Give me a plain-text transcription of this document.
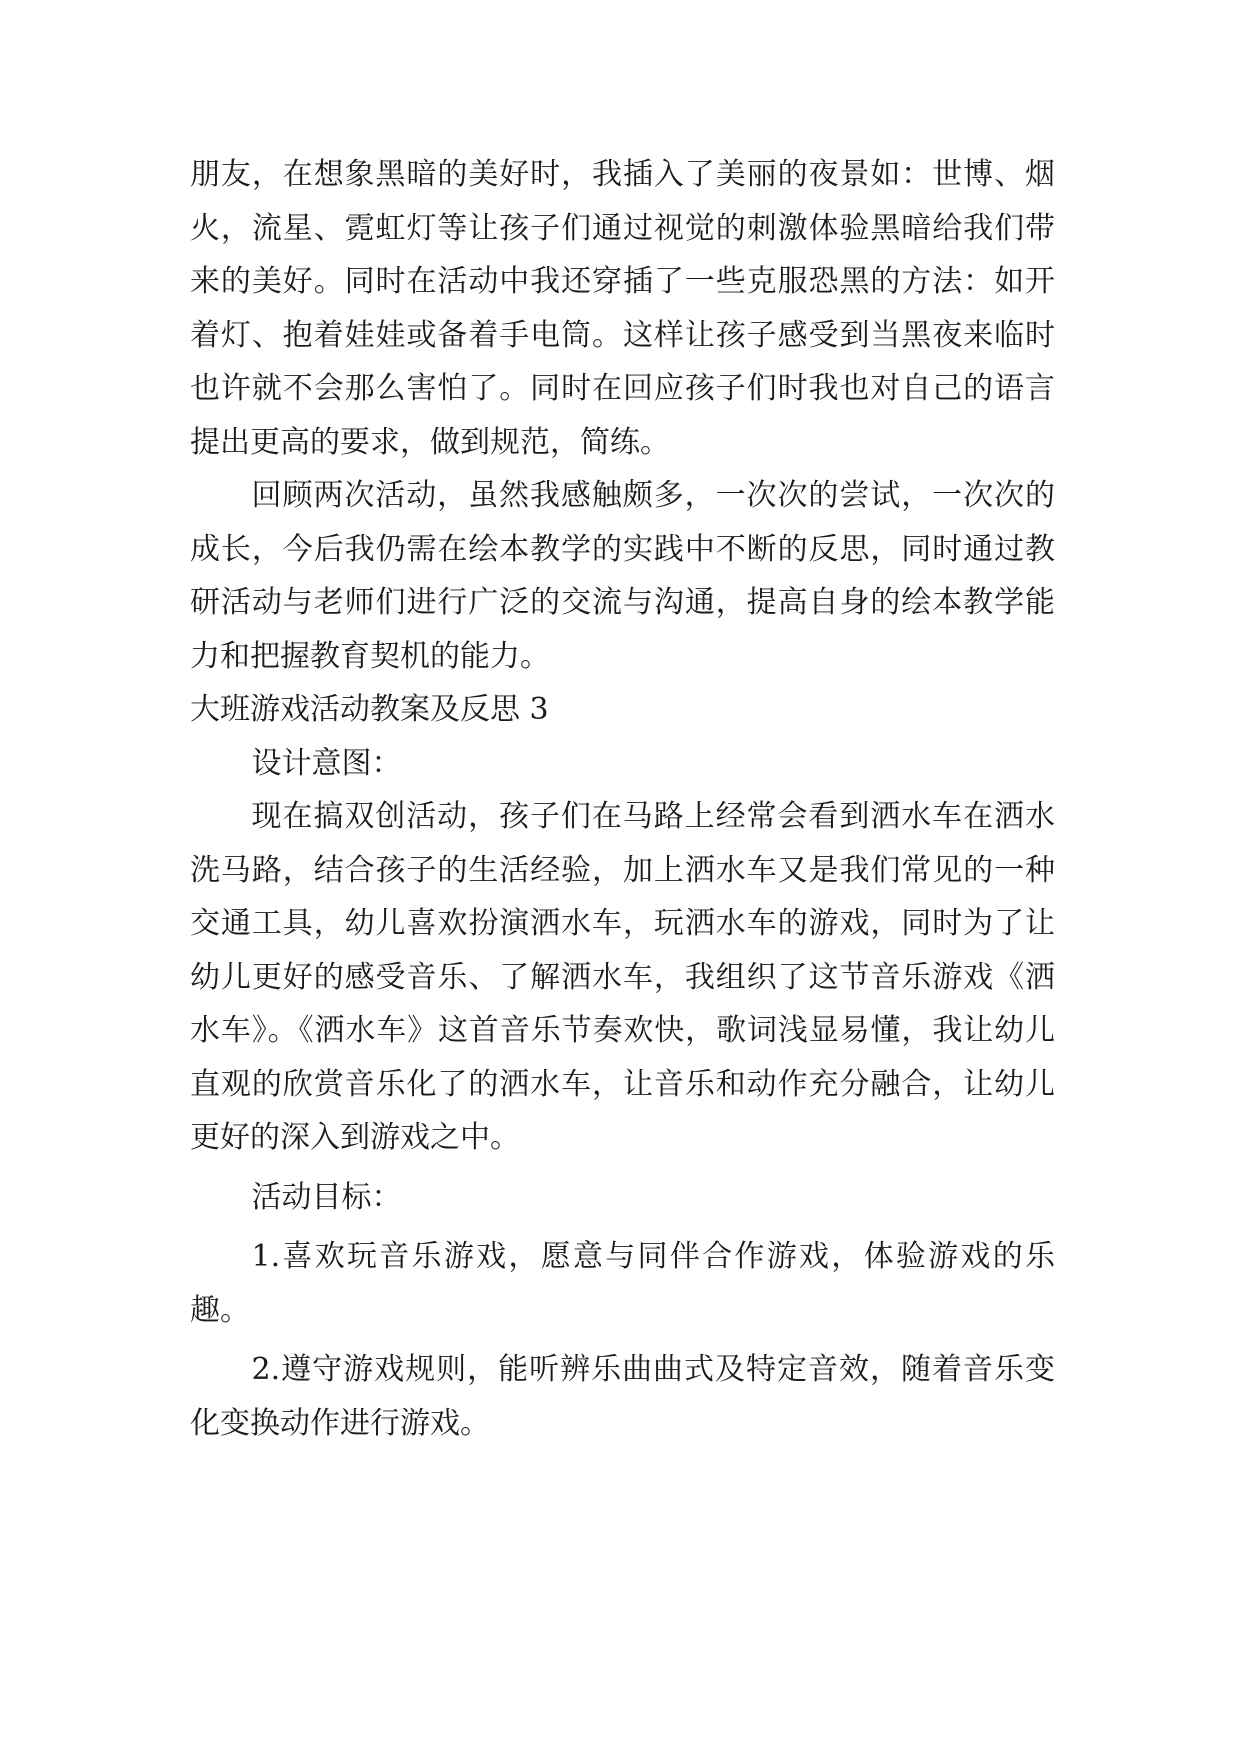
朋友，在想象黑暗的美好时，我插入了美丽的夜景如：世博、烟火，流星、霓虹灯等让孩子们通过视觉的刺激体验黑暗给我们带来的美好。同时在活动中我还穿插了一些克服恐黑的方法：如开着灯、抱着娃娃或备着手电筒。这样让孩子感受到当黑夜来临时也许就不会那么害怕了。同时在回应孩子们时我也对自己的语言提出更高的要求，做到规范，简练。

回顾两次活动，虽然我感触颇多，一次次的尝试，一次次的成长，今后我仍需在绘本教学的实践中不断的反思，同时通过教研活动与老师们进行广泛的交流与沟通，提高自身的绘本教学能力和把握教育契机的能力。

大班游戏活动教案及反思 3

设计意图：

现在搞双创活动，孩子们在马路上经常会看到洒水车在洒水洗马路，结合孩子的生活经验，加上洒水车又是我们常见的一种交通工具，幼儿喜欢扮演洒水车，玩洒水车的游戏，同时为了让幼儿更好的感受音乐、了解洒水车，我组织了这节音乐游戏《洒水车》。《洒水车》这首音乐节奏欢快，歌词浅显易懂，我让幼儿直观的欣赏音乐化了的洒水车，让音乐和动作充分融合，让幼儿更好的深入到游戏之中。

活动目标：

1.喜欢玩音乐游戏，愿意与同伴合作游戏，体验游戏的乐趣。

2.遵守游戏规则，能听辨乐曲曲式及特定音效，随着音乐变化变换动作进行游戏。
